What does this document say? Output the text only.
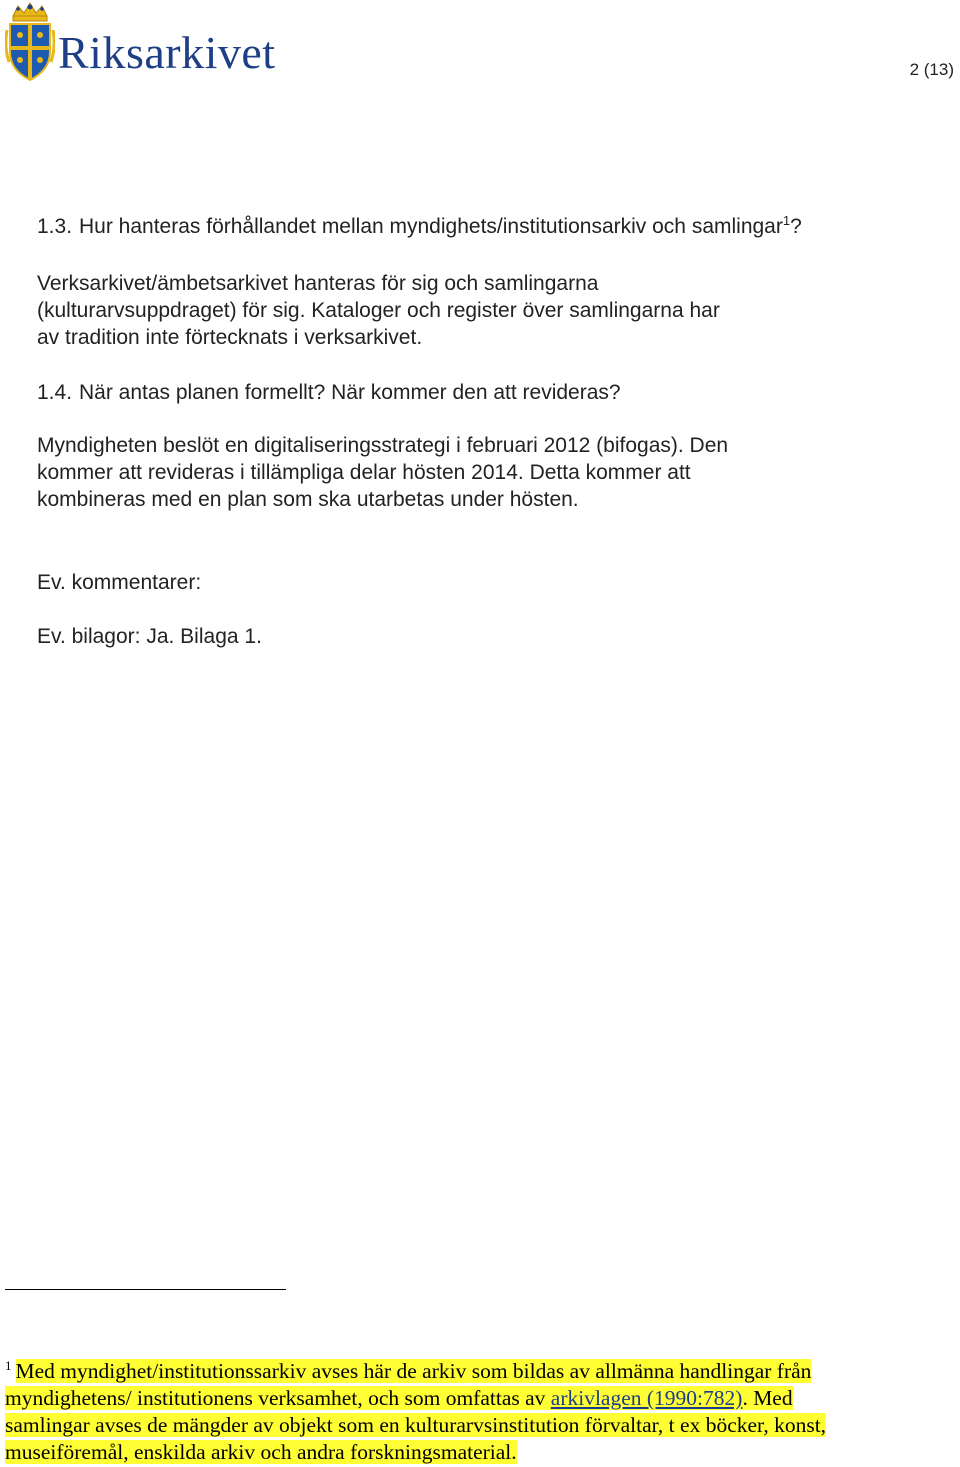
Riksarkivet	2 (13)
1.3. Hur hanteras förhållandet mellan myndighets/institutionsarkiv och samlingar$^1$?
Verksarkivet/ämbetsarkivet hanteras för sig och samlingarna
(kulturarvsuppdraget) för sig. Kataloger och register över samlingarna har
av tradition inte förtecknats i verksarkivet.
1.4. När antas planen formellt? När kommer den att revideras?
Myndigheten beslöt en digitaliseringsstrategi i februari 2012 (bifogas). Den
kommer att revideras i tillämpliga delar hösten 2014. Detta kommer att
kombineras med en plan som ska utarbetas under hösten.
Ev. kommentarer:
Ev. bilagor: Ja. Bilaga 1.
$^1$ Med myndighet/institutionssarkiv avses här de arkiv som bildas av allmänna handlingar från
myndighetens/ institutionens verksamhet, och som omfattas av arkivlagen (1990:782). Med
samlingar avses de mängder av objekt som en kulturarvsinstitution förvaltar, t ex böcker, konst,
museiföremål, enskilda arkiv och andra forskningsmaterial.
